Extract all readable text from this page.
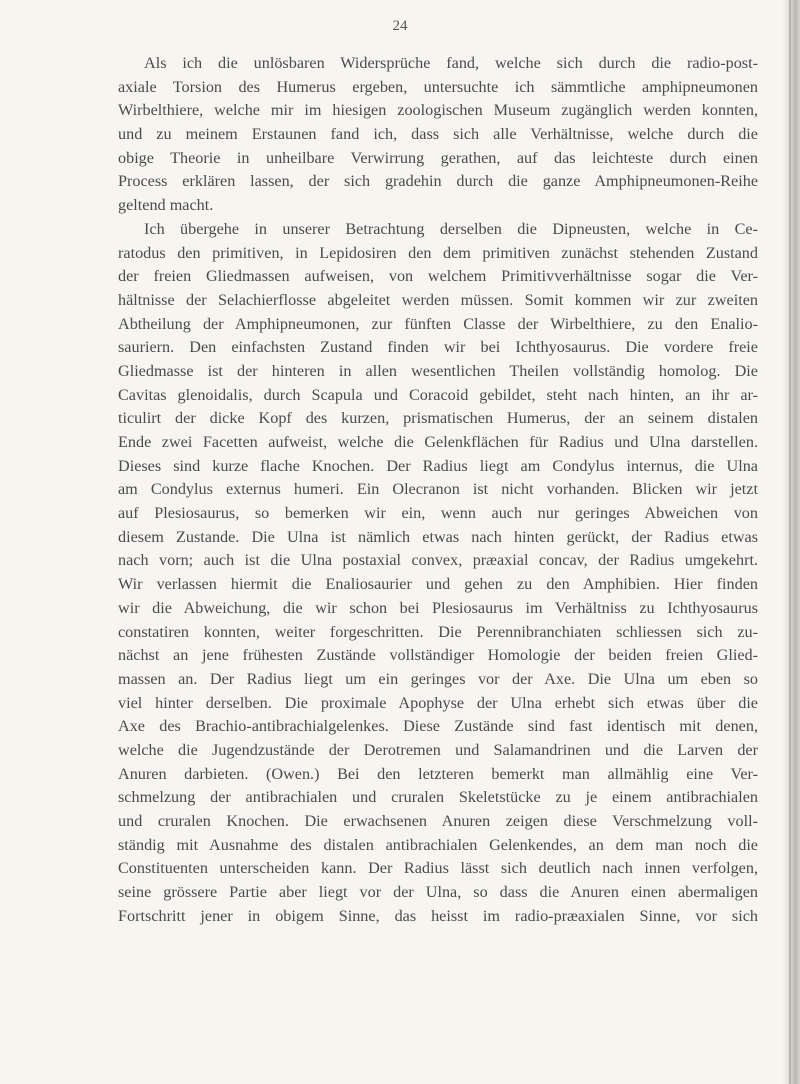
24
Als ich die unlösbaren Widersprüche fand, welche sich durch die radio-post-
axiale Torsion des Humerus ergeben, untersuchte ich sämmtliche amphipneumonen
Wirbelthiere, welche mir im hiesigen zoologischen Museum zugänglich werden konnten,
und zu meinem Erstaunen fand ich, dass sich alle Verhältnisse, welche durch die
obige Theorie in unheilbare Verwirrung gerathen, auf das leichteste durch einen
Process erklären lassen, der sich gradehin durch die ganze Amphipneumonen-Reihe
geltend macht.
Ich übergehe in unserer Betrachtung derselben die Dipneusten, welche in Ce-
ratodus den primitiven, in Lepidosiren den dem primitiven zunächst stehenden Zustand
der freien Gliedmassen aufweisen, von welchem Primitivverhältnisse sogar die Ver-
hältnisse der Selachierflosse abgeleitet werden müssen. Somit kommen wir zur zweiten
Abtheilung der Amphipneumonen, zur fünften Classe der Wirbelthiere, zu den Enalio-
sauriern. Den einfachsten Zustand finden wir bei Ichthyosaurus. Die vordere freie
Gliedmasse ist der hinteren in allen wesentlichen Theilen vollständig homolog. Die
Cavitas glenoidalis, durch Scapula und Coracoid gebildet, steht nach hinten, an ihr ar-
ticulirt der dicke Kopf des kurzen, prismatischen Humerus, der an seinem distalen
Ende zwei Facetten aufweist, welche die Gelenkflächen für Radius und Ulna darstellen.
Dieses sind kurze flache Knochen. Der Radius liegt am Condylus internus, die Ulna
am Condylus externus humeri. Ein Olecranon ist nicht vorhanden. Blicken wir jetzt
auf Plesiosaurus, so bemerken wir ein, wenn auch nur geringes Abweichen von
diesem Zustande. Die Ulna ist nämlich etwas nach hinten gerückt, der Radius etwas
nach vorn; auch ist die Ulna postaxial convex, præaxial concav, der Radius umgekehrt.
Wir verlassen hiermit die Enaliosaurier und gehen zu den Amphibien. Hier finden
wir die Abweichung, die wir schon bei Plesiosaurus im Verhältniss zu Ichthyosaurus
constatiren konnten, weiter forgeschritten. Die Perennibranchiaten schliessen sich zu-
nächst an jene frühesten Zustände vollständiger Homologie der beiden freien Glied-
massen an. Der Radius liegt um ein geringes vor der Axe. Die Ulna um eben so
viel hinter derselben. Die proximale Apophyse der Ulna erhebt sich etwas über die
Axe des Brachio-antibrachialgelenkes. Diese Zustände sind fast identisch mit denen,
welche die Jugendzustände der Derotremen und Salamandrinen und die Larven der
Anuren darbieten. (Owen.) Bei den letzteren bemerkt man allmählig eine Ver-
schmelzung der antibrachialen und cruralen Skeletstücke zu je einem antibrachialen
und cruralen Knochen. Die erwachsenen Anuren zeigen diese Verschmelzung voll-
ständig mit Ausnahme des distalen antibrachialen Gelenkendes, an dem man noch die
Constituenten unterscheiden kann. Der Radius lässt sich deutlich nach innen verfolgen,
seine grössere Partie aber liegt vor der Ulna, so dass die Anuren einen abermaligen
Fortschritt jener in obigem Sinne, das heisst im radio-præaxialen Sinne, vor sich
